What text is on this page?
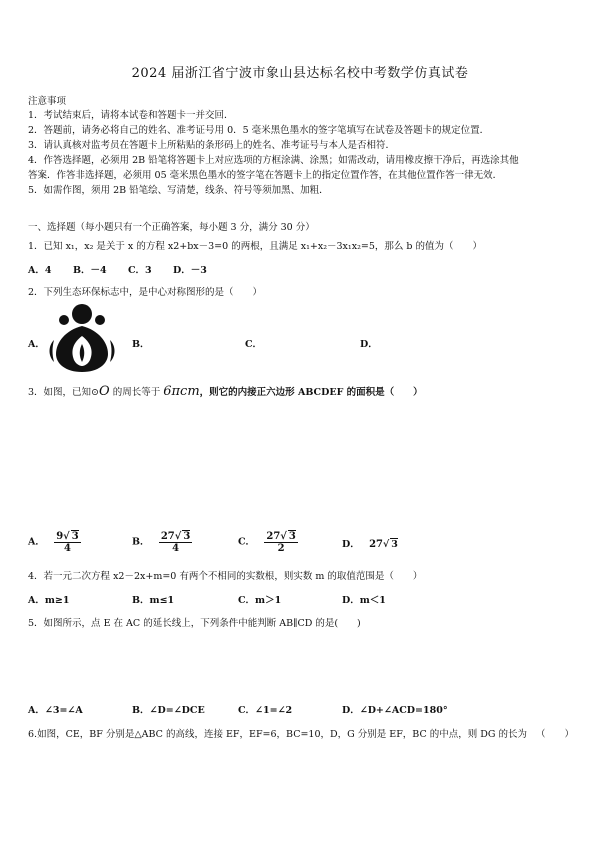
2024 届浙江省宁波市象山县达标名校中考数学仿真试卷
注意事项
1．考试结束后，请将本试卷和答题卡一并交回．
2．答题前，请务必将自己的姓名、准考证号用 0．5 毫米黑色墨水的签字笔填写在试卷及答题卡的规定位置．
3．请认真核对监考员在答题卡上所粘贴的条形码上的姓名、准考证号与本人是否相符．
4．作答选择题，必须用 2B 铅笔将答题卡上对应选项的方框涂满、涂黑；如需改动，请用橡皮擦干净后，再选涂其他
答案．作答非选择题，必须用 05 毫米黑色墨水的签字笔在答题卡上的指定位置作答，在其他位置作答一律无效．
5．如需作图，须用 2B 铅笔绘、写清楚，线条、符号等须加黑、加粗．
一、选择题（每小题只有一个正确答案，每小题 3 分，满分 30 分）
1．已知 x₁，x₂ 是关于 x 的方程 x2+bx－3=0 的两根，且满足 x₁+x₂－3x₁x₂=5，那么 b 的值为（　　）
A．4 B．－4 C．3 D．－3
2．下列生态环保标志中，是中心对称图形的是（　　）
A．	B．	C．	D．
3．如图，已知⊙O 的周长等于 6πcm，则它的内接正六边形 ABCDEF 的面积是（　　）
A． $\frac{9√ 3}{4}$	B． $\frac{27√ 3}{4}$	C． $\frac{27√ 3}{2}$	D． 27√ 3
4．若一元二次方程 x2－2x+m=0 有两个不相同的实数根，则实数 m 的取值范围是（　　）
A．m≥1	B．m≤1	C．m＞1	D．m＜1
5．如图所示，点 E 在 AC 的延长线上，下列条件中能判断 AB∥CD 的是(　　)
A．∠3=∠A	B．∠D=∠DCE	C．∠1=∠2	D．∠D+∠ACD=180°
6.如图，CE，BF 分别是△ABC 的高线，连接 EF，EF=6，BC=10，D，G 分别是 EF，BC 的中点，则 DG 的长为 （　　）
